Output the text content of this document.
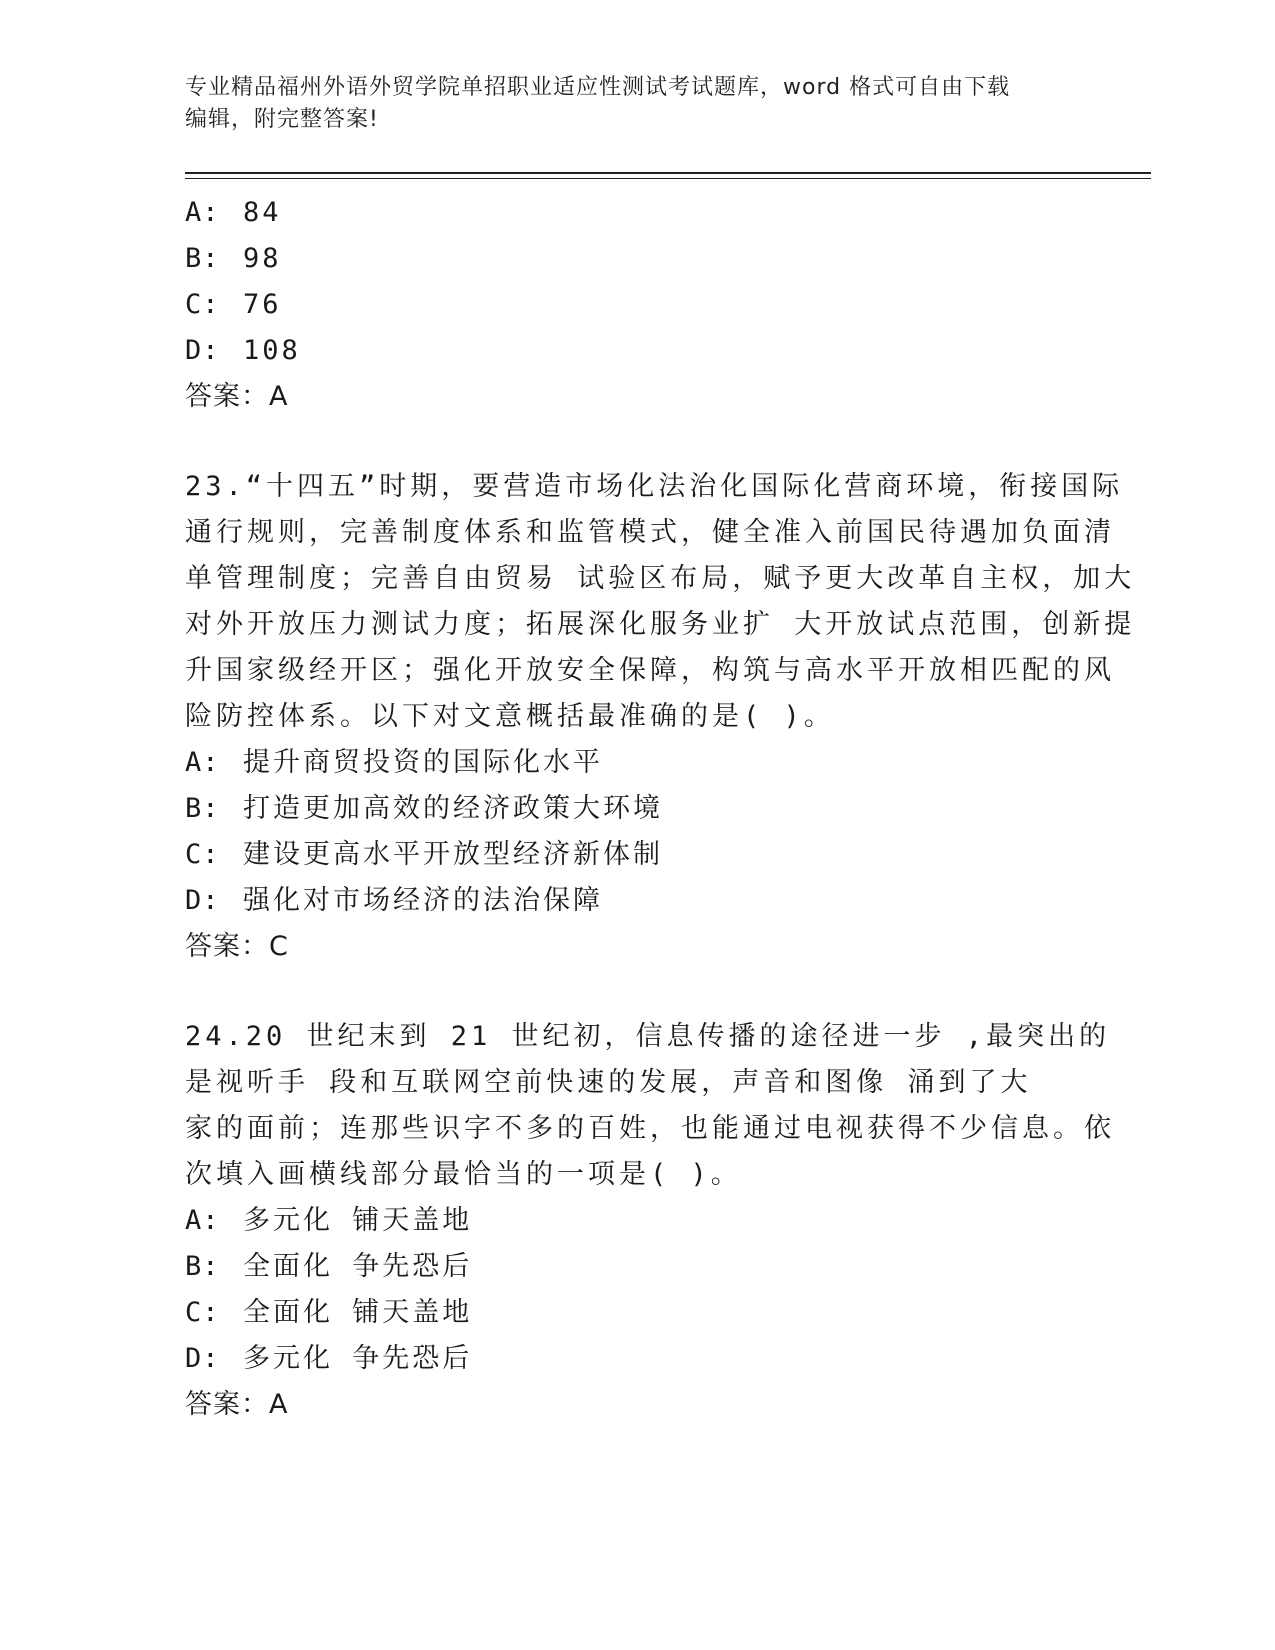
专业精品福州外语外贸学院单招职业适应性测试考试题库，word 格式可自由下载
编辑，附完整答案!
A: 84
B: 98
C: 76
D: 108
答案：A
23.“十四五”时期，要营造市场化法治化国际化营商环境，衔接国际
通行规则，完善制度体系和监管模式，健全准入前国民待遇加负面清
单管理制度；完善自由贸易 试验区布局，赋予更大改革自主权，加大
对外开放压力测试力度；拓展深化服务业扩 大开放试点范围，创新提
升国家级经开区；强化开放安全保障，构筑与高水平开放相匹配的风
险防控体系。以下对文意概括最准确的是( )。
A: 提升商贸投资的国际化水平
B: 打造更加高效的经济政策大环境
C: 建设更高水平开放型经济新体制
D: 强化对市场经济的法治保障
答案：C
24.20 世纪末到 21 世纪初，信息传播的途径进一步 ,最突出的
是视听手 段和互联网空前快速的发展，声音和图像 涌到了大
家的面前；连那些识字不多的百姓，也能通过电视获得不少信息。依
次填入画横线部分最恰当的一项是( )。
A: 多元化 铺天盖地
B: 全面化 争先恐后
C: 全面化 铺天盖地
D: 多元化 争先恐后
答案：A
